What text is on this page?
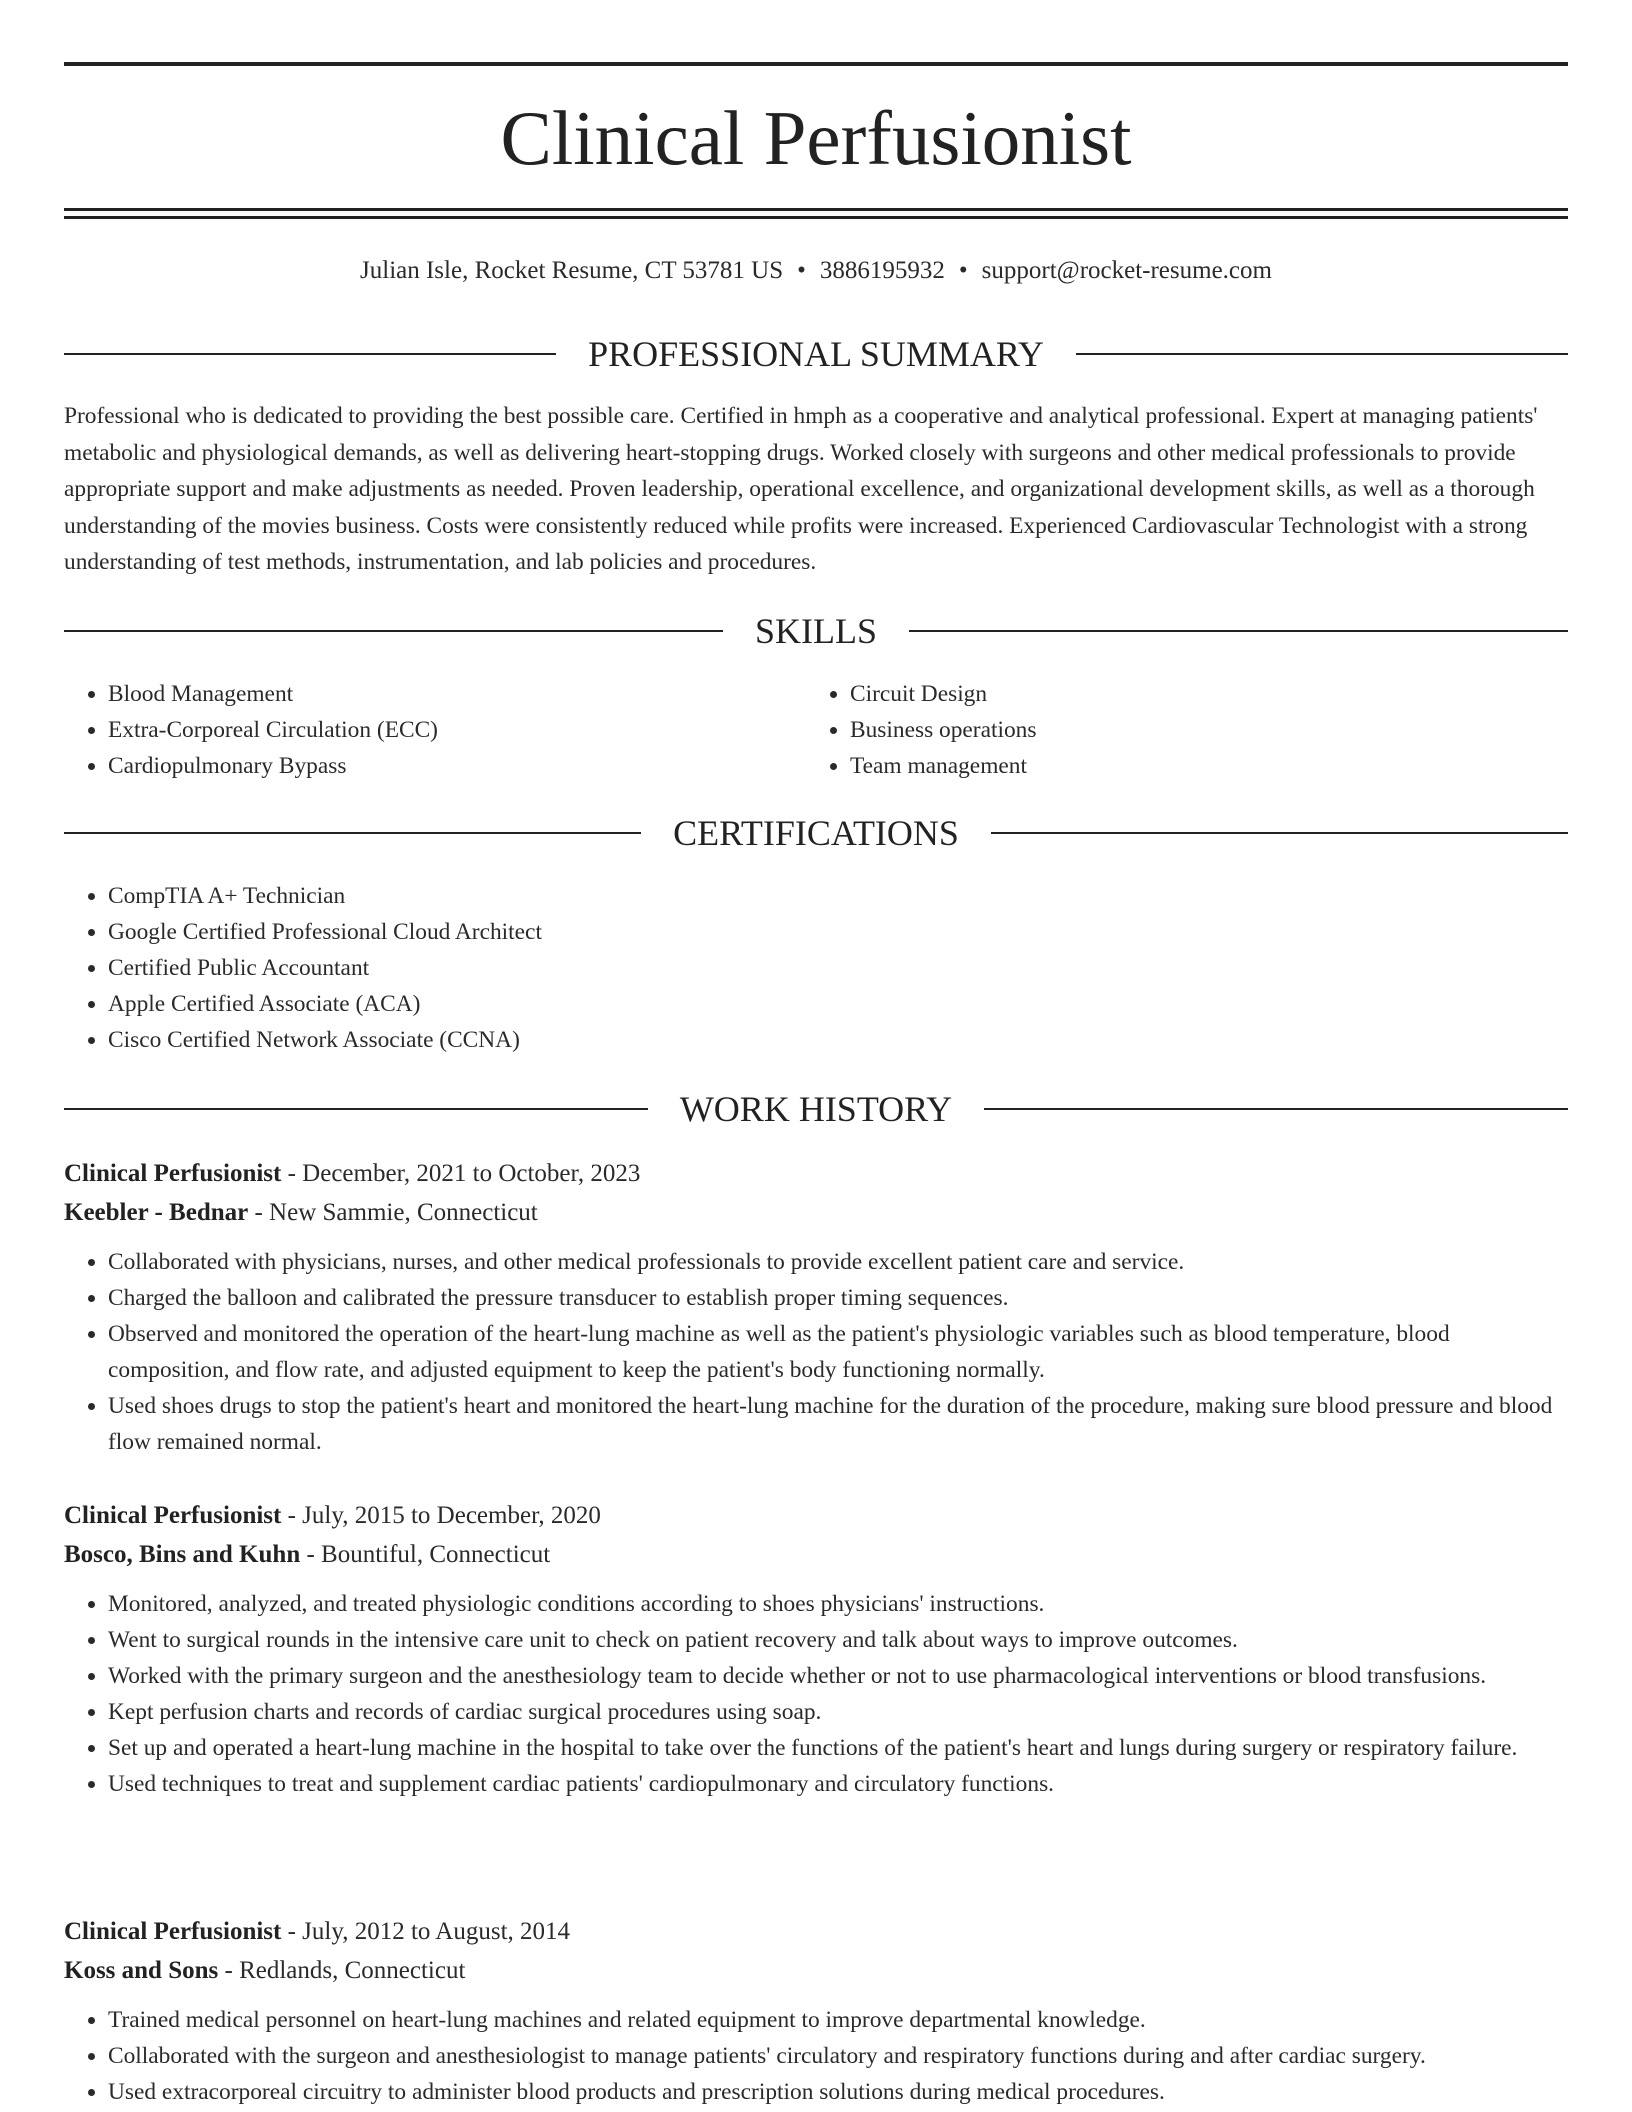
Clinical Perfusionist
Julian Isle, Rocket Resume, CT 53781 US • 3886195932 • support@rocket-resume.com
PROFESSIONAL SUMMARY
Professional who is dedicated to providing the best possible care. Certified in hmph as a cooperative and analytical professional. Expert at managing patients' metabolic and physiological demands, as well as delivering heart-stopping drugs. Worked closely with surgeons and other medical professionals to provide appropriate support and make adjustments as needed. Proven leadership, operational excellence, and organizational development skills, as well as a thorough understanding of the movies business. Costs were consistently reduced while profits were increased. Experienced Cardiovascular Technologist with a strong understanding of test methods, instrumentation, and lab policies and procedures.
SKILLS
• Blood Management
• Extra-Corporeal Circulation (ECC)
• Cardiopulmonary Bypass
• Circuit Design
• Business operations
• Team management
CERTIFICATIONS
• CompTIA A+ Technician
• Google Certified Professional Cloud Architect
• Certified Public Accountant
• Apple Certified Associate (ACA)
• Cisco Certified Network Associate (CCNA)
WORK HISTORY
Clinical Perfusionist - December, 2021 to October, 2023
Keebler - Bednar - New Sammie, Connecticut
• Collaborated with physicians, nurses, and other medical professionals to provide excellent patient care and service.
• Charged the balloon and calibrated the pressure transducer to establish proper timing sequences.
• Observed and monitored the operation of the heart-lung machine as well as the patient's physiologic variables such as blood temperature, blood composition, and flow rate, and adjusted equipment to keep the patient's body functioning normally.
• Used shoes drugs to stop the patient's heart and monitored the heart-lung machine for the duration of the procedure, making sure blood pressure and blood flow remained normal.
Clinical Perfusionist - July, 2015 to December, 2020
Bosco, Bins and Kuhn - Bountiful, Connecticut
• Monitored, analyzed, and treated physiologic conditions according to shoes physicians' instructions.
• Went to surgical rounds in the intensive care unit to check on patient recovery and talk about ways to improve outcomes.
• Worked with the primary surgeon and the anesthesiology team to decide whether or not to use pharmacological interventions or blood transfusions.
• Kept perfusion charts and records of cardiac surgical procedures using soap.
• Set up and operated a heart-lung machine in the hospital to take over the functions of the patient's heart and lungs during surgery or respiratory failure.
• Used techniques to treat and supplement cardiac patients' cardiopulmonary and circulatory functions.
Clinical Perfusionist - July, 2012 to August, 2014
Koss and Sons - Redlands, Connecticut
• Trained medical personnel on heart-lung machines and related equipment to improve departmental knowledge.
• Collaborated with the surgeon and anesthesiologist to manage patients' circulatory and respiratory functions during and after cardiac surgery.
• Used extracorporeal circuitry to administer blood products and prescription solutions during medical procedures.
